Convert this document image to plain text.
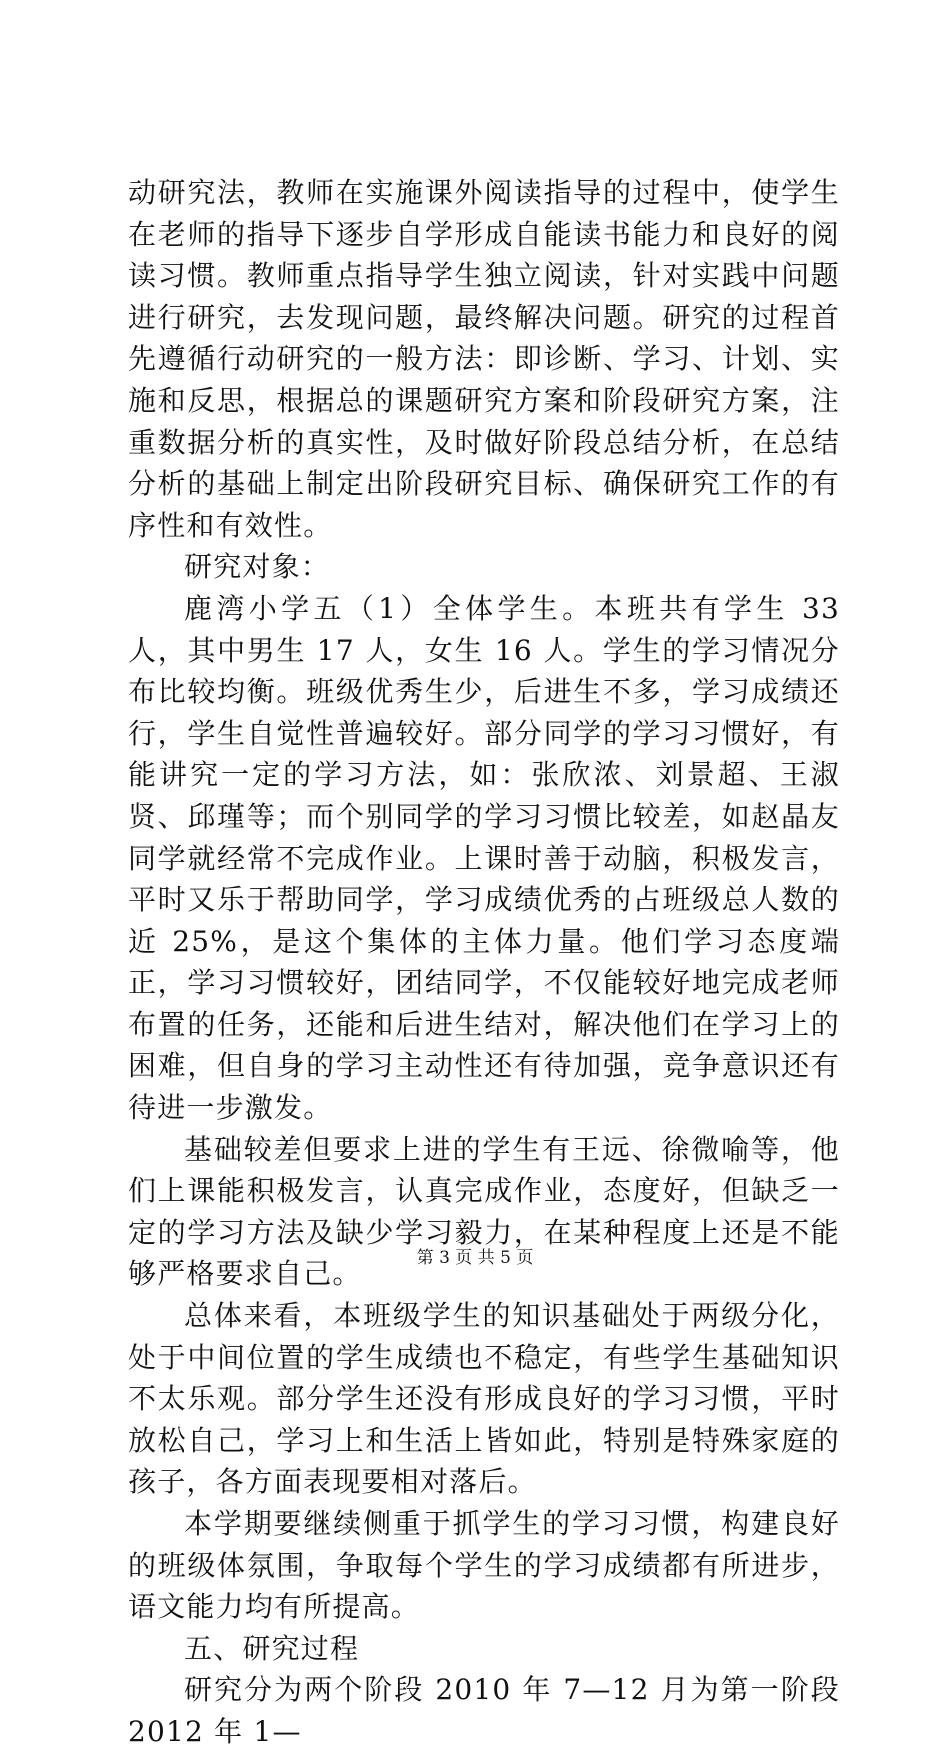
动研究法，教师在实施课外阅读指导的过程中，使学生在老师的指导下逐步自学形成自能读书能力和良好的阅读习惯。教师重点指导学生独立阅读，针对实践中问题进行研究，去发现问题，最终解决问题。研究的过程首先遵循行动研究的一般方法：即诊断、学习、计划、实施和反思，根据总的课题研究方案和阶段研究方案，注重数据分析的真实性，及时做好阶段总结分析，在总结分析的基础上制定出阶段研究目标、确保研究工作的有序性和有效性。

研究对象：

鹿湾小学五（1）全体学生。本班共有学生 33 人，其中男生 17 人，女生 16 人。学生的学习情况分布比较均衡。班级优秀生少，后进生不多，学习成绩还行，学生自觉性普遍较好。部分同学的学习习惯好，有能讲究一定的学习方法，如：张欣浓、刘景超、王淑贤、邱瑾等；而个别同学的学习习惯比较差，如赵晶友同学就经常不完成作业。上课时善于动脑，积极发言，平时又乐于帮助同学，学习成绩优秀的占班级总人数的近 25%，是这个集体的主体力量。他们学习态度端正，学习习惯较好，团结同学，不仅能较好地完成老师布置的任务，还能和后进生结对，解决他们在学习上的困难，但自身的学习主动性还有待加强，竞争意识还有待进一步激发。

基础较差但要求上进的学生有王远、徐微喻等，他们上课能积极发言，认真完成作业，态度好，但缺乏一定的学习方法及缺少学习毅力，在某种程度上还是不能够严格要求自己。

总体来看，本班级学生的知识基础处于两级分化，处于中间位置的学生成绩也不稳定，有些学生基础知识不太乐观。部分学生还没有形成良好的学习习惯，平时放松自己，学习上和生活上皆如此，特别是特殊家庭的孩子，各方面表现要相对落后。

本学期要继续侧重于抓学生的学习习惯，构建良好的班级体氛围，争取每个学生的学习成绩都有所进步，语文能力均有所提高。

五、研究过程

研究分为两个阶段 2010 年 7—12 月为第一阶段 2012 年 1—

第 3 页 共 5 页
